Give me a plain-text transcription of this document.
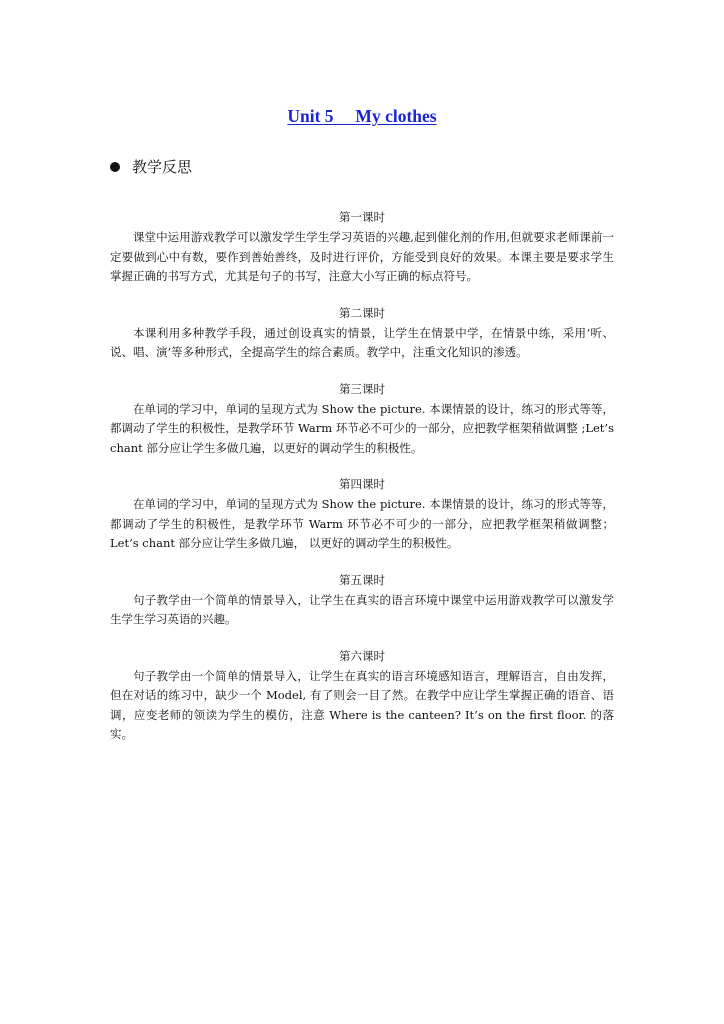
Unit 5     My clothes
教学反思
第一课时

课堂中运用游戏教学可以激发学生学生学习英语的兴趣,起到催化剂的作用,但就要求老师课前一定要做到心中有数，要作到善始善终，及时进行评价，方能受到良好的效果。本课主要是要求学生掌握正确的书写方式，尤其是句子的书写，注意大小写正确的标点符号。

第二课时

本课利用多种教学手段，通过创设真实的情景，让学生在情景中学，在情景中练，采用‘听、说、唱、演’等多种形式，全提高学生的综合素质。教学中，注重文化知识的渗透。

第三课时

在单词的学习中，单词的呈现方式为 Show the picture. 本课情景的设计，练习的形式等等，都调动了学生的积极性，是教学环节 Warm 环节必不可少的一部分，应把教学框架稍做调整 ;Let’s chant 部分应让学生多做几遍，以更好的调动学生的积极性。

第四课时

在单词的学习中，单词的呈现方式为 Show the picture. 本课情景的设计，练习的形式等等，都调动了学生的积极性，是教学环节 Warm 环节必不可少的一部分，应把教学框架稍做调整；Let’s chant 部分应让学生多做几遍， 以更好的调动学生的积极性。

第五课时

句子教学由一个简单的情景导入，让学生在真实的语言环境中课堂中运用游戏教学可以激发学生学生学习英语的兴趣。

第六课时

句子教学由一个简单的情景导入，让学生在真实的语言环境感知语言，理解语言，自由发挥，但在对话的练习中，缺少一个 Model, 有了则会一目了然。在教学中应让学生掌握正确的语音、语调，应变老师的领读为学生的模仿，注意 Where is the canteen? It’s on the first floor. 的落实。
